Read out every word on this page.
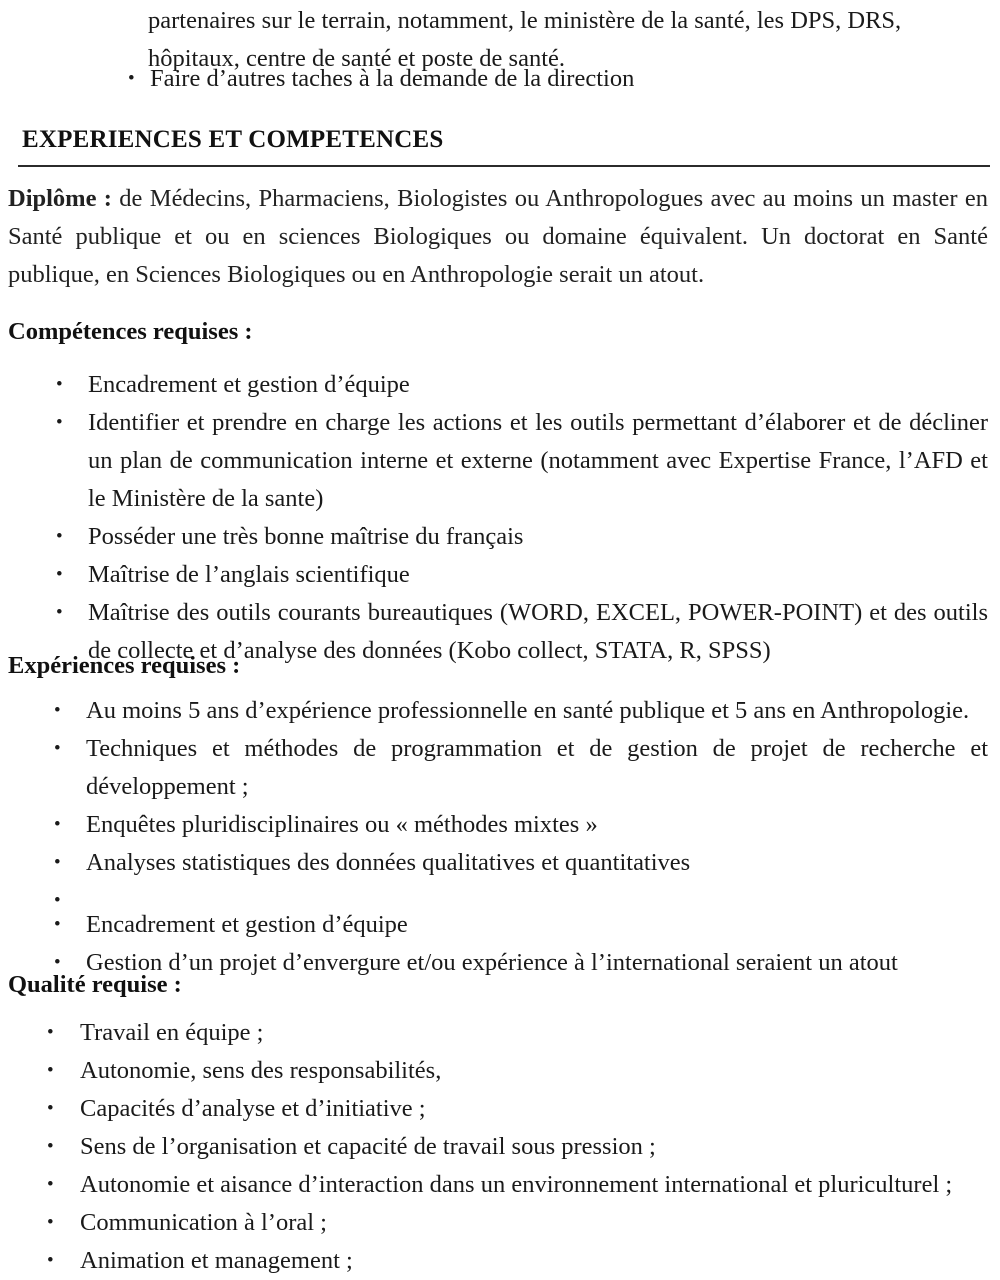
partenaires sur le terrain, notamment, le ministère de la santé, les DPS, DRS,
hôpitaux, centre de santé et poste de santé.
• Faire d’autres taches à la demande de la direction
EXPERIENCES ET COMPETENCES
Diplôme : de Médecins, Pharmaciens, Biologistes ou Anthropologues avec au moins un master en Santé publique et ou en sciences Biologiques ou domaine équivalent. Un doctorat en Santé publique, en Sciences Biologiques ou en Anthropologie serait un atout.
Compétences requises :
• Encadrement et gestion d’équipe
• Identifier et prendre en charge les actions et les outils permettant d’élaborer et de décliner un plan de communication interne et externe (notamment avec Expertise France, l’AFD et le Ministère de la sante)
• Posséder une très bonne maîtrise du français
• Maîtrise de l’anglais scientifique
• Maîtrise des outils courants bureautiques (WORD, EXCEL, POWER-POINT) et des outils de collecte et d’analyse des données (Kobo collect, STATA, R, SPSS)
Expériences requises :
• Au moins 5 ans d’expérience professionnelle en santé publique et 5 ans en Anthropologie.
• Techniques et méthodes de programmation et de gestion de projet de recherche et développement ;
• Enquêtes pluridisciplinaires ou « méthodes mixtes »
• Analyses statistiques des données qualitatives et quantitatives
•
• Encadrement et gestion d’équipe
• Gestion d’un projet d’envergure et/ou expérience à l’international seraient un atout
Qualité requise :
• Travail en équipe ;
• Autonomie, sens des responsabilités,
• Capacités d’analyse et d’initiative ;
• Sens de l’organisation et capacité de travail sous pression ;
• Autonomie et aisance d’interaction dans un environnement international et pluriculturel ;
• Communication à l’oral ;
• Animation et management ;
